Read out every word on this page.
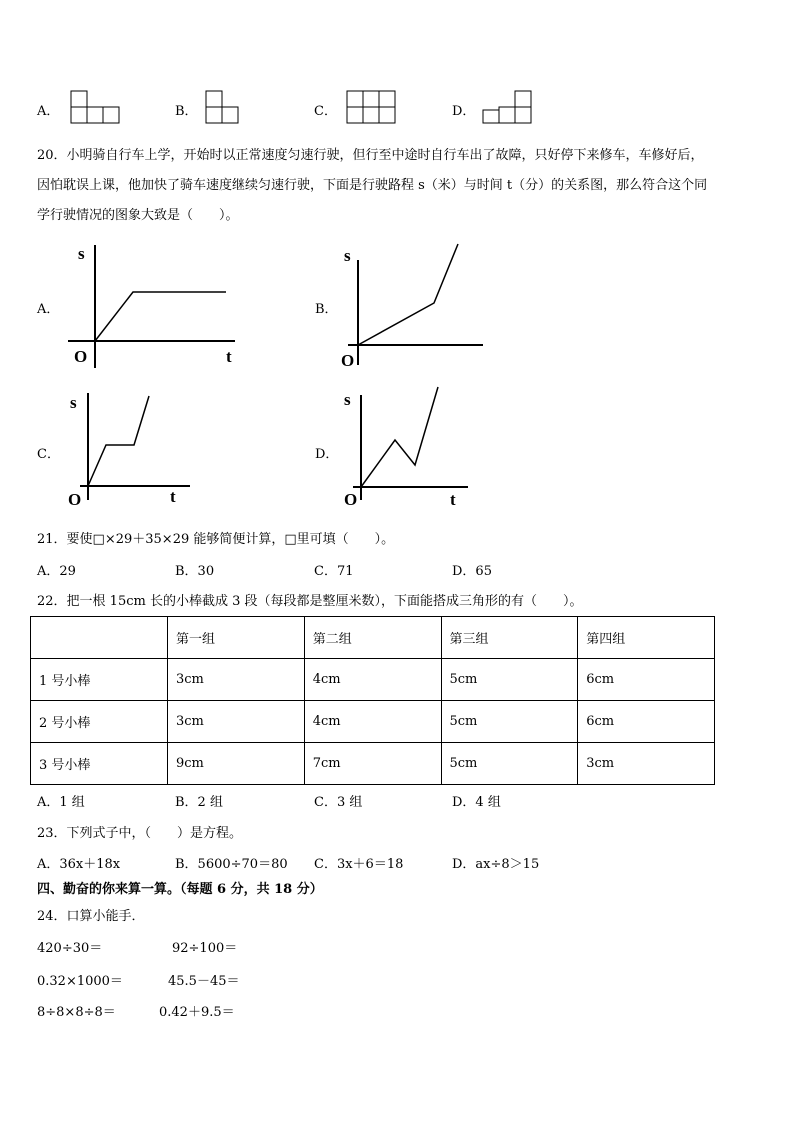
A．	B．	C．	D．
20．小明骑自行车上学，开始时以正常速度匀速行驶，但行至中途时自行车出了故障，只好停下来修车，车修好后，
因怕耽误上课，他加快了骑车速度继续匀速行驶，下面是行驶路程 s（米）与时间 t（分）的关系图，那么符合这个同
学行驶情况的图象大致是（　　）。
A．
s
O	t
B．
s
O
C．
s
O	t
D．
s
O	t
21．要使□×29＋35×29 能够简便计算，□里可填（　　）。
A．29	B．30	C．71	D．65
22．把一根 15cm 长的小棒截成 3 段（每段都是整厘米数），下面能搭成三角形的有（　　）。
	第一组	第二组	第三组	第四组
1 号小棒	3cm	4cm	5cm	6cm
2 号小棒	3cm	4cm	5cm	6cm
3 号小棒	9cm	7cm	5cm	3cm
A．1 组	B．2 组	C．3 组	D．4 组
23．下列式子中，（　　）是方程。
A．36x＋18x	B．5600÷70＝80 C．3x＋6＝18	D．ax÷8＞15
四、勤奋的你来算一算。（每题 6 分，共 18 分）
24．口算小能手．
420÷30＝	92÷100＝
0.32×1000＝	45.5－45＝
8÷8×8÷8＝	0.42＋9.5＝
